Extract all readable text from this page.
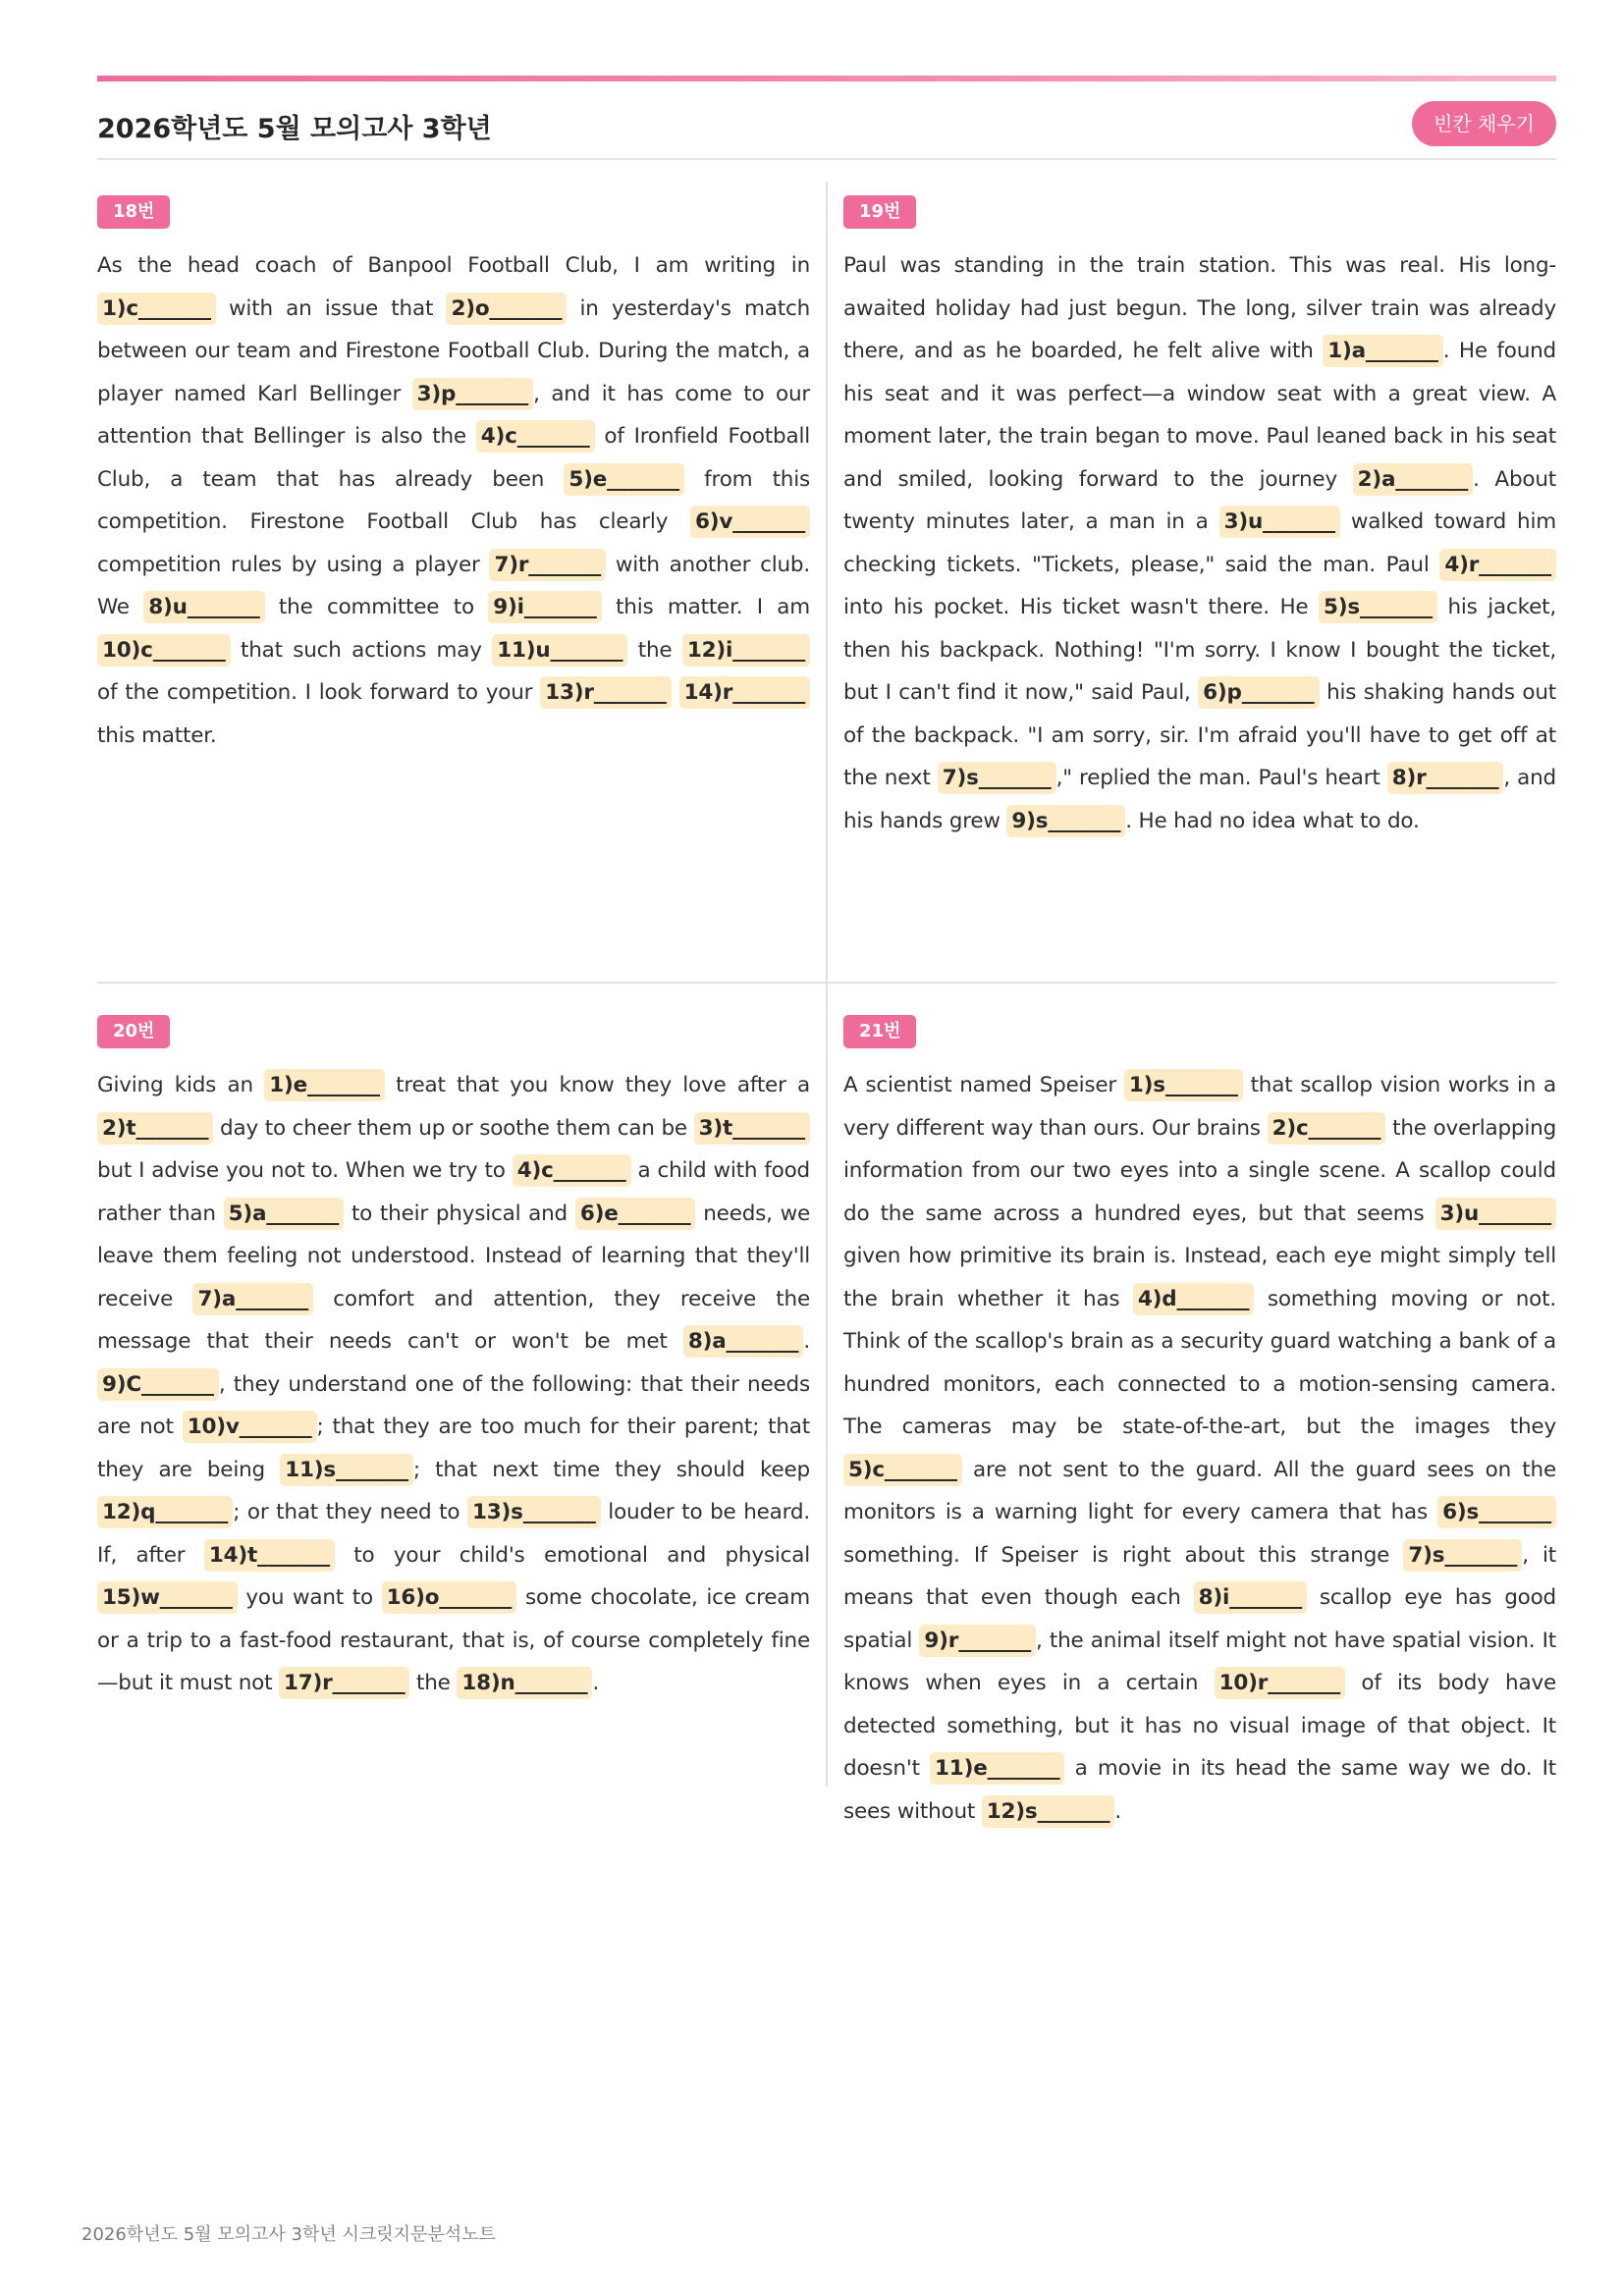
2026학년도 5월 모의고사 3학년	빈칸 채우기
18번
As the head coach of Banpool Football Club, I am writing in 1)c_______ with an issue that 2)o_______ in yesterday's match between our team and Firestone Football Club. During the match, a player named Karl Bellinger 3)p_______ , and it has come to our attention that Bellinger is also the 4)c_______ of Ironfield Football Club, a team that has already been 5)e_______ from this competition. Firestone Football Club has clearly 6)v_______ competition rules by using a player 7)r_______ with another club. We 8)u_______ the committee to 9)i_______ this matter. I am 10)c_______ that such actions may 11)u_______ the 12)i_______ of the competition. I look forward to your 13)r_______ 14)r_______ this matter.
19번
Paul was standing in the train station. This was real. His long-awaited holiday had just begun. The long, silver train was already there, and as he boarded, he felt alive with 1)a_______ . He found his seat and it was perfect—a window seat with a great view. A moment later, the train began to move. Paul leaned back in his seat and smiled, looking forward to the journey 2)a_______ . About twenty minutes later, a man in a 3)u_______ walked toward him checking tickets. "Tickets, please," said the man. Paul 4)r_______ into his pocket. His ticket wasn't there. He 5)s_______ his jacket, then his backpack. Nothing! "I'm sorry. I know I bought the ticket, but I can't find it now," said Paul, 6)p_______ his shaking hands out of the backpack. "I am sorry, sir. I'm afraid you'll have to get off at the next 7)s_______ ," replied the man. Paul's heart 8)r_______ , and his hands grew 9)s_______ . He had no idea what to do.
20번
Giving kids an 1)e_______ treat that you know they love after a 2)t_______ day to cheer them up or soothe them can be 3)t_______ but I advise you not to. When we try to 4)c_______ a child with food rather than 5)a_______ to their physical and 6)e_______ needs, we leave them feeling not understood. Instead of learning that they'll receive 7)a_______ comfort and attention, they receive the message that their needs can't or won't be met 8)a_______ . 9)C_______ , they understand one of the following: that their needs are not 10)v_______ ; that they are too much for their parent; that they are being 11)s_______ ; that next time they should keep 12)q_______ ; or that they need to 13)s_______ louder to be heard. If, after 14)t_______ to your child's emotional and physical 15)w_______ you want to 16)o_______ some chocolate, ice cream or a trip to a fast-food restaurant, that is, of course completely fine—but it must not 17)r_______ the 18)n_______ .
21번
A scientist named Speiser 1)s_______ that scallop vision works in a very different way than ours. Our brains 2)c_______ the overlapping information from our two eyes into a single scene. A scallop could do the same across a hundred eyes, but that seems 3)u_______ given how primitive its brain is. Instead, each eye might simply tell the brain whether it has 4)d_______ something moving or not. Think of the scallop's brain as a security guard watching a bank of a hundred monitors, each connected to a motion-sensing camera. The cameras may be state-of-the-art, but the images they 5)c_______ are not sent to the guard. All the guard sees on the monitors is a warning light for every camera that has 6)s_______ something. If Speiser is right about this strange 7)s_______ , it means that even though each 8)i_______ scallop eye has good spatial 9)r_______ , the animal itself might not have spatial vision. It knows when eyes in a certain 10)r_______ of its body have detected something, but it has no visual image of that object. It doesn't 11)e_______ a movie in its head the same way we do. It sees without 12)s_______ .
2026학년도 5월 모의고사 3학년 시크릿지문분석노트
